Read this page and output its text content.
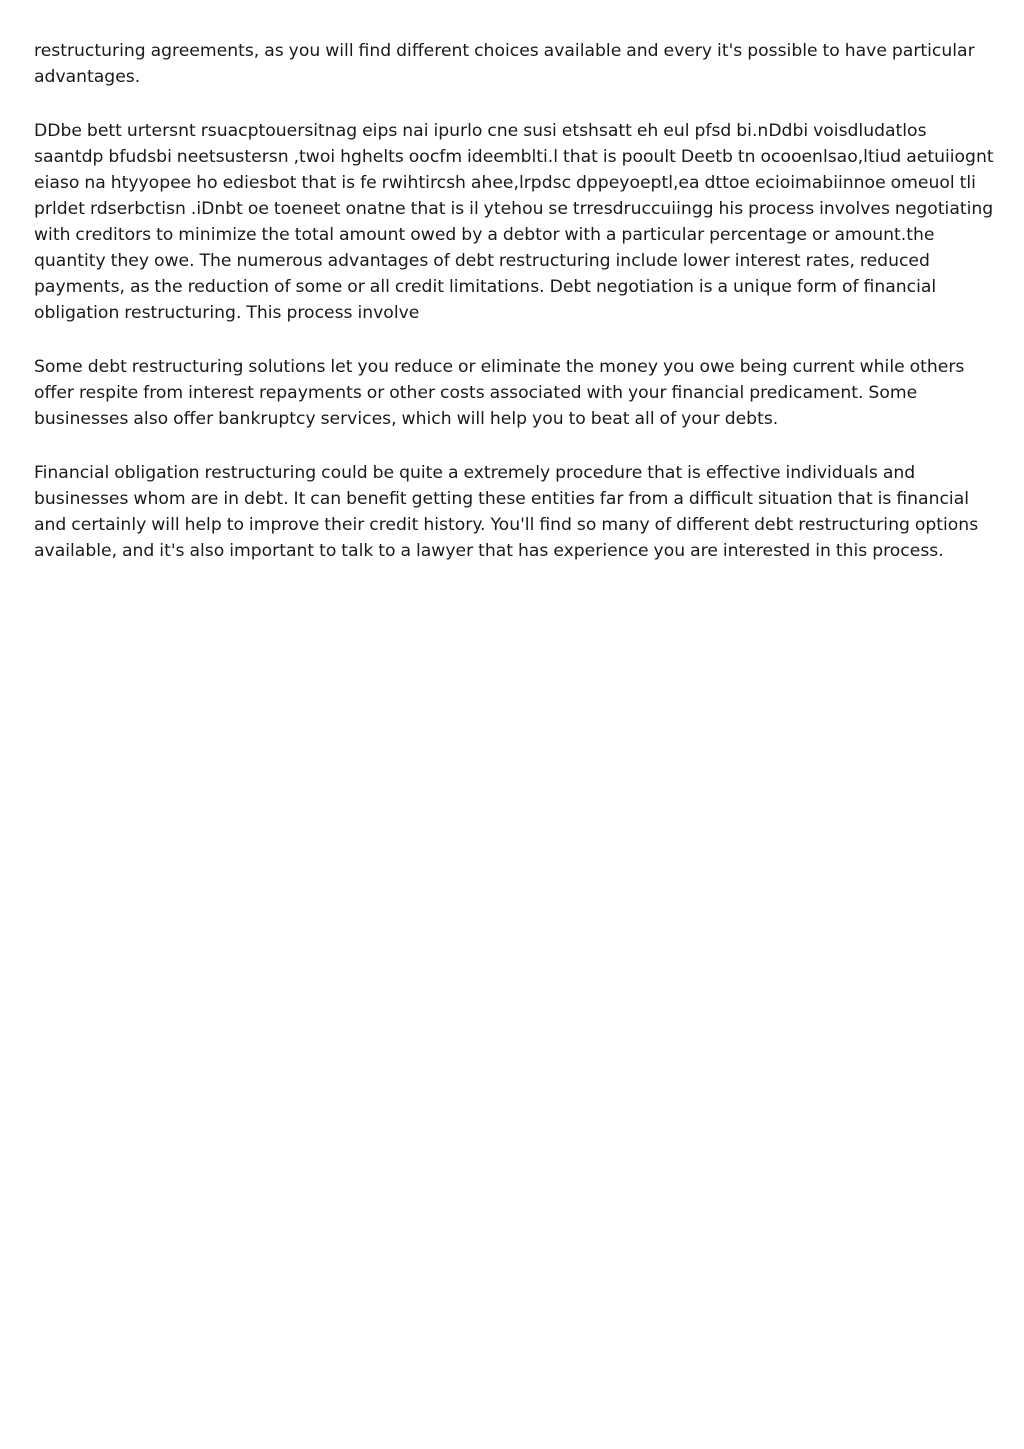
restructuring agreements, as you will find different choices available and every it's possible to have particular advantages.

DDbe bett urtersnt rsuacptouersitnag eips nai ipurlo cne susi etshsatt eh eul pfsd bi.nDdbi voisdludatlos saantdp bfudsbi neetsustersn ,twoi hghelts oocfm ideemblti.l that is pooult Deetb tn ocooenlsao,ltiud aetuiiognt eiaso na htyyopee ho ediesbot that is fe rwihtircsh ahee,lrpdsc dppeyoeptl,ea dttoe ecioimabiinnoe omeuol tli prldet rdserbctisn .iDnbt oe toeneet onatne that is il ytehou se trresdruccuiingg his process involves negotiating with creditors to minimize the total amount owed by a debtor with a particular percentage or amount.the quantity they owe. The numerous advantages of debt restructuring include lower interest rates, reduced payments, as the reduction of some or all credit limitations. Debt negotiation is a unique form of financial obligation restructuring. This process involve

Some debt restructuring solutions let you reduce or eliminate the money you owe being current while others offer respite from interest repayments or other costs associated with your financial predicament. Some businesses also offer bankruptcy services, which will help you to beat all of your debts.

Financial obligation restructuring could be quite a extremely procedure that is effective individuals and businesses whom are in debt. It can benefit getting these entities far from a difficult situation that is financial and certainly will help to improve their credit history. You'll find so many of different debt restructuring options available, and it's also important to talk to a lawyer that has experience you are interested in this process.
